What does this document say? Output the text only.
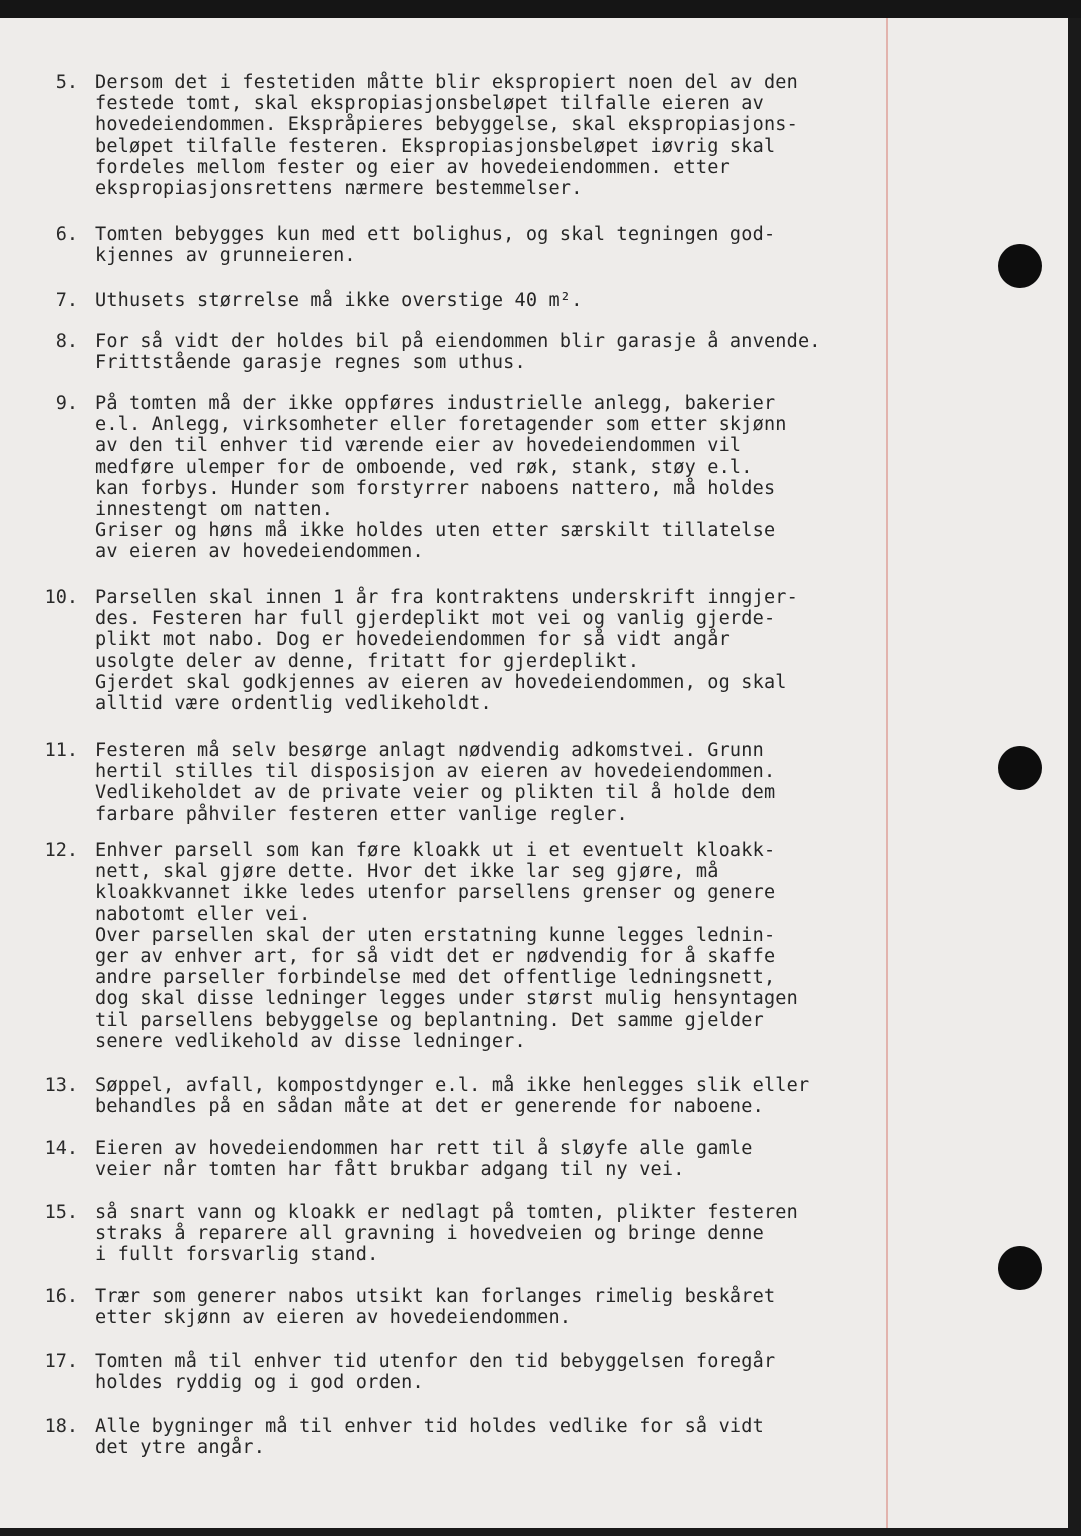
5. Dersom det i festetiden måtte blir ekspropiert noen del av den
festede tomt, skal ekspropiasjonsbeløpet tilfalle eieren av
hovedeiendommen. Ekspråpieres bebyggelse, skal ekspropiasjons-
beløpet tilfalle festeren. Ekspropiasjonsbeløpet iøvrig skal
fordeles mellom fester og eier av hovedeiendommen. etter
ekspropiasjonsrettens nærmere bestemmelser.
6. Tomten bebygges kun med ett bolighus, og skal tegningen god-
kjennes av grunneieren.
7. Uthusets størrelse må ikke overstige 40 m².
8. For så vidt der holdes bil på eiendommen blir garasje å anvende.
Frittstående garasje regnes som uthus.
9. På tomten må der ikke oppføres industrielle anlegg, bakerier
e.l. Anlegg, virksomheter eller foretagender som etter skjønn
av den til enhver tid værende eier av hovedeiendommen vil
medføre ulemper for de omboende, ved røk, stank, støy e.l.
kan forbys. Hunder som forstyrrer naboens nattero, må holdes
innestengt om natten.
Griser og høns må ikke holdes uten etter særskilt tillatelse
av eieren av hovedeiendommen.
10. Parsellen skal innen 1 år fra kontraktens underskrift inngjer-
des. Festeren har full gjerdeplikt mot vei og vanlig gjerde-
plikt mot nabo. Dog er hovedeiendommen for så vidt angår
usolgte deler av denne, fritatt for gjerdeplikt.
Gjerdet skal godkjennes av eieren av hovedeiendommen, og skal
alltid være ordentlig vedlikeholdt.
11. Festeren må selv besørge anlagt nødvendig adkomstvei. Grunn
hertil stilles til disposisjon av eieren av hovedeiendommen.
Vedlikeholdet av de private veier og plikten til å holde dem
farbare påhviler festeren etter vanlige regler.
12. Enhver parsell som kan føre kloakk ut i et eventuelt kloakk-
nett, skal gjøre dette. Hvor det ikke lar seg gjøre, må
kloakkvannet ikke ledes utenfor parsellens grenser og genere
nabotomt eller vei.
Over parsellen skal der uten erstatning kunne legges lednin-
ger av enhver art, for så vidt det er nødvendig for å skaffe
andre parseller forbindelse med det offentlige ledningsnett,
dog skal disse ledninger legges under størst mulig hensyntagen
til parsellens bebyggelse og beplantning. Det samme gjelder
senere vedlikehold av disse ledninger.
13. Søppel, avfall, kompostdynger e.l. må ikke henlegges slik eller
behandles på en sådan måte at det er generende for naboene.
14. Eieren av hovedeiendommen har rett til å sløyfe alle gamle
veier når tomten har fått brukbar adgang til ny vei.
15. så snart vann og kloakk er nedlagt på tomten, plikter festeren
straks å reparere all gravning i hovedveien og bringe denne
i fullt forsvarlig stand.
16. Trær som generer nabos utsikt kan forlanges rimelig beskåret
etter skjønn av eieren av hovedeiendommen.
17. Tomten må til enhver tid utenfor den tid bebyggelsen foregår
holdes ryddig og i god orden.
18. Alle bygninger må til enhver tid holdes vedlike for så vidt
det ytre angår.
